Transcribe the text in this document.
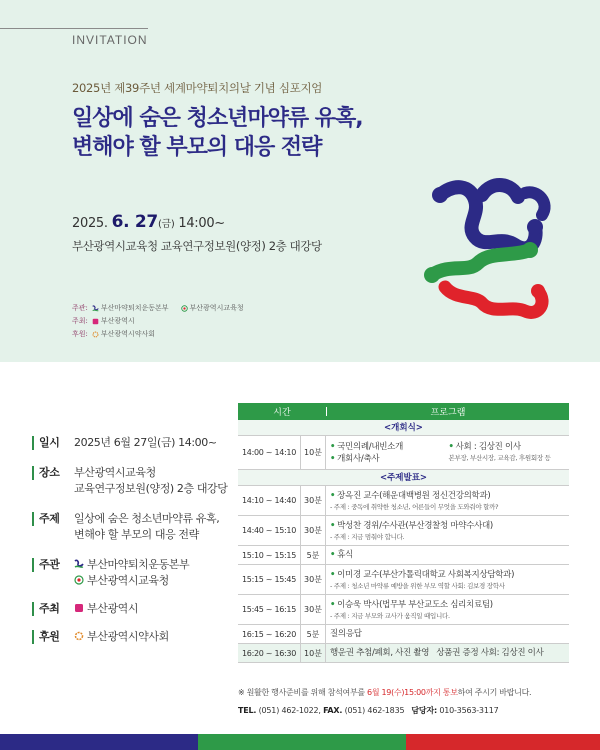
INVITATION
2025년 제39주년 세계마약퇴치의날 기념 심포지엄
일상에 숨은 청소년마약류 유혹,
변해야 할 부모의 대응 전략
2025. 6. 27(금) 14:00~
부산광역시교육청 교육연구정보원(양정) 2층 대강당
주관: 부산마약퇴치운동본부	부산광역시교육청
주최: 부산광역시
후원: 부산광역시약사회
일시	2025년 6월 27일(금) 14:00~
장소	부산광역시교육청
교육연구정보원(양정) 2층 대강당
주제	일상에 숨은 청소년마약류 유혹,
변해야 할 부모의 대응 전략
주관	부산마약퇴치운동본부
부산광역시교육청
주최	부산광역시
후원	부산광역시약사회
시간	프로그램
<개회식>
14:00 ~ 14:10	10분
• 국민의례/내빈소개
• 개회사/축사
• 사회 : 김상진 이사
본부장, 부산시장, 교육감, 후원회장 등
<주제발표>
14:10 ~ 14:40	30분 • 장옥진 교수(해운대백병원 정신건강의학과)
- 주제 : 중독에 취약한 청소년, 어른들이 무엇을 도와줘야 할까?
14:40 ~ 15:10	30분 • 박성찬 경위/수사관(부산경찰청 마약수사대)
- 주제 : 지금 멈춰야 합니다.
15:10 ~ 15:15	5분	• 휴식
15:15 ~ 15:45	30분 • 이미경 교수(부산가톨릭대학교 사회복지상담학과)
- 주제 : 청소년 마약류 예방을 위한 부모 역할 사회: 김보경 장학사
15:45 ~ 16:15	30분 • 이승욱 박사(법무부 부산교도소 심리치료팀)
- 주제 : 지금 부모와 교사가 움직일 때입니다.
16:15 ~ 16:20	5분	질의응답
16:20 ~ 16:30	10분 행운권 추첨/폐회, 사진 촬영   상품권 증정 사회: 김상진 이사
※ 원활한 행사준비를 위해 참석여부를 6월 19(수)15:00까지 통보하여 주시기 바랍니다.
TEL. (051) 462-1022, FAX. (051) 462-1835   담당자: 010-3563-3117
